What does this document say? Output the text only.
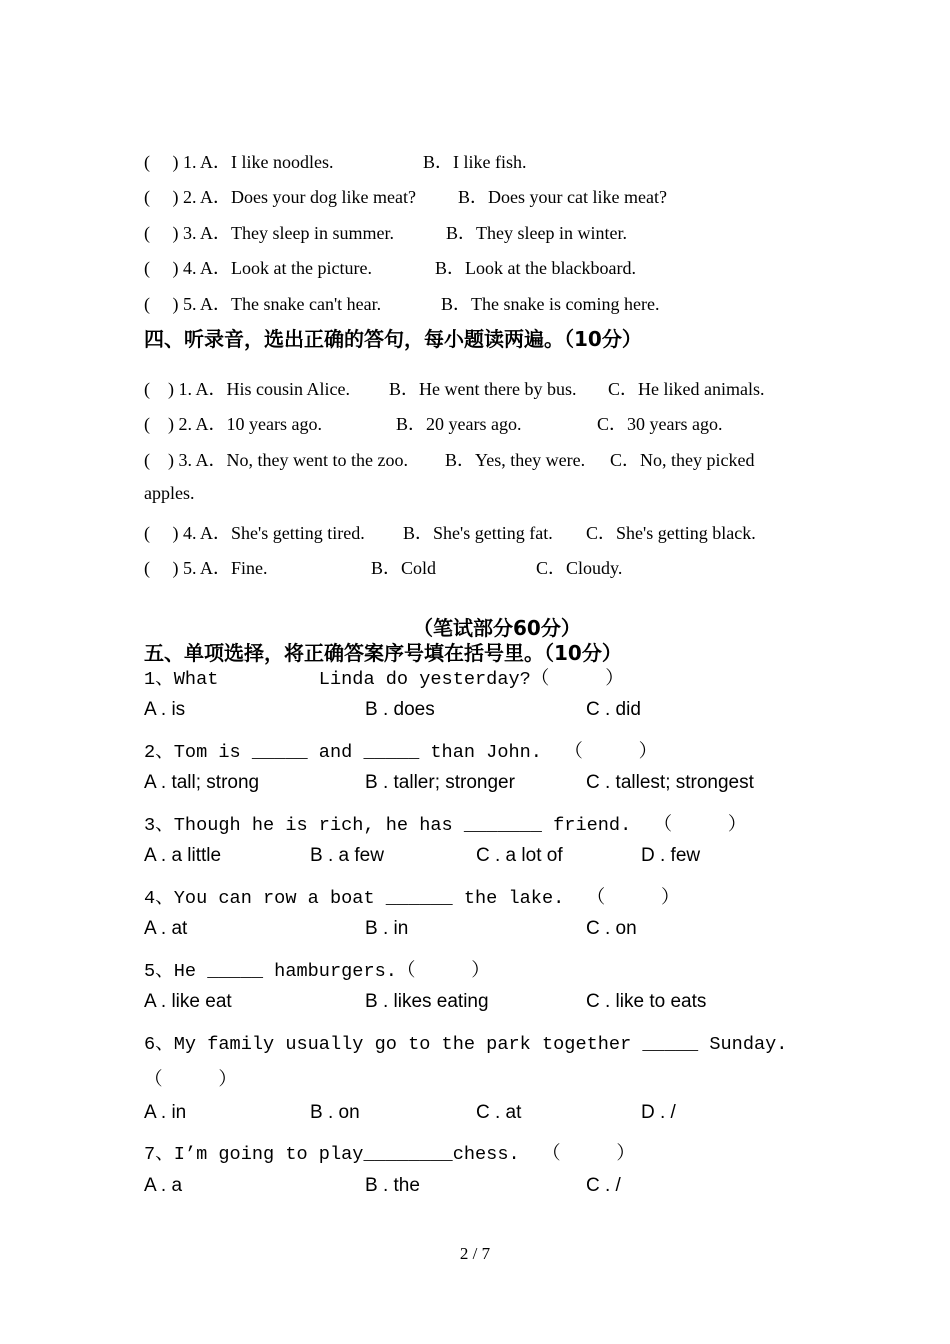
(     ) 1. A．I like noodles.	B．I like fish.
(     ) 2. A．Does your dog like meat? B．Does your cat like meat?
(     ) 3. A．They sleep in summer.	B．They sleep in winter.
(     ) 4. A．Look at the picture.	B．Look at the blackboard.
(     ) 5. A．The snake can't hear.	B．The snake is coming here.
四、听录音，选出正确的答句，每小题读两遍。（10分）
(    ) 1. A．His cousin Alice. B．He went there by bus. C．He liked animals.
(    ) 2. A．10 years ago.	B．20 years ago.	C．30 years ago.
(    ) 3. A．No, they went to the zoo. B．Yes, they were. C．No, they picked
apples.
(     ) 4. A．She's getting tired. B．She's getting fat. C．She's getting black.
(     ) 5. A．Fine.	B．Cold	C．Cloudy.
（笔试部分60分）
五、单项选择，将正确答案序号填在括号里。（10分）
1、What         Linda do yesterday?（     ）
A . is	B . does	C . did
2、Tom is _____ and _____ than John.  （     ）
A . tall; strong	B . taller; stronger	C . tallest; strongest
3、Though he is rich, he has _______ friend.  （     ）
A . a little	B . a few	C . a lot of	D . few
4、You can row a boat ______ the lake.  （     ）
A . at	B . in	C . on
5、He _____ hamburgers.（     ）
A . like eat	B . likes eating	C . like to eats
6、My family usually go to the park together _____ Sunday.
（     ）
A . in	B . on	C . at	D . /
7、I’m going to play________chess.  （     ）
A . a	B . the	C . /
2 / 7
